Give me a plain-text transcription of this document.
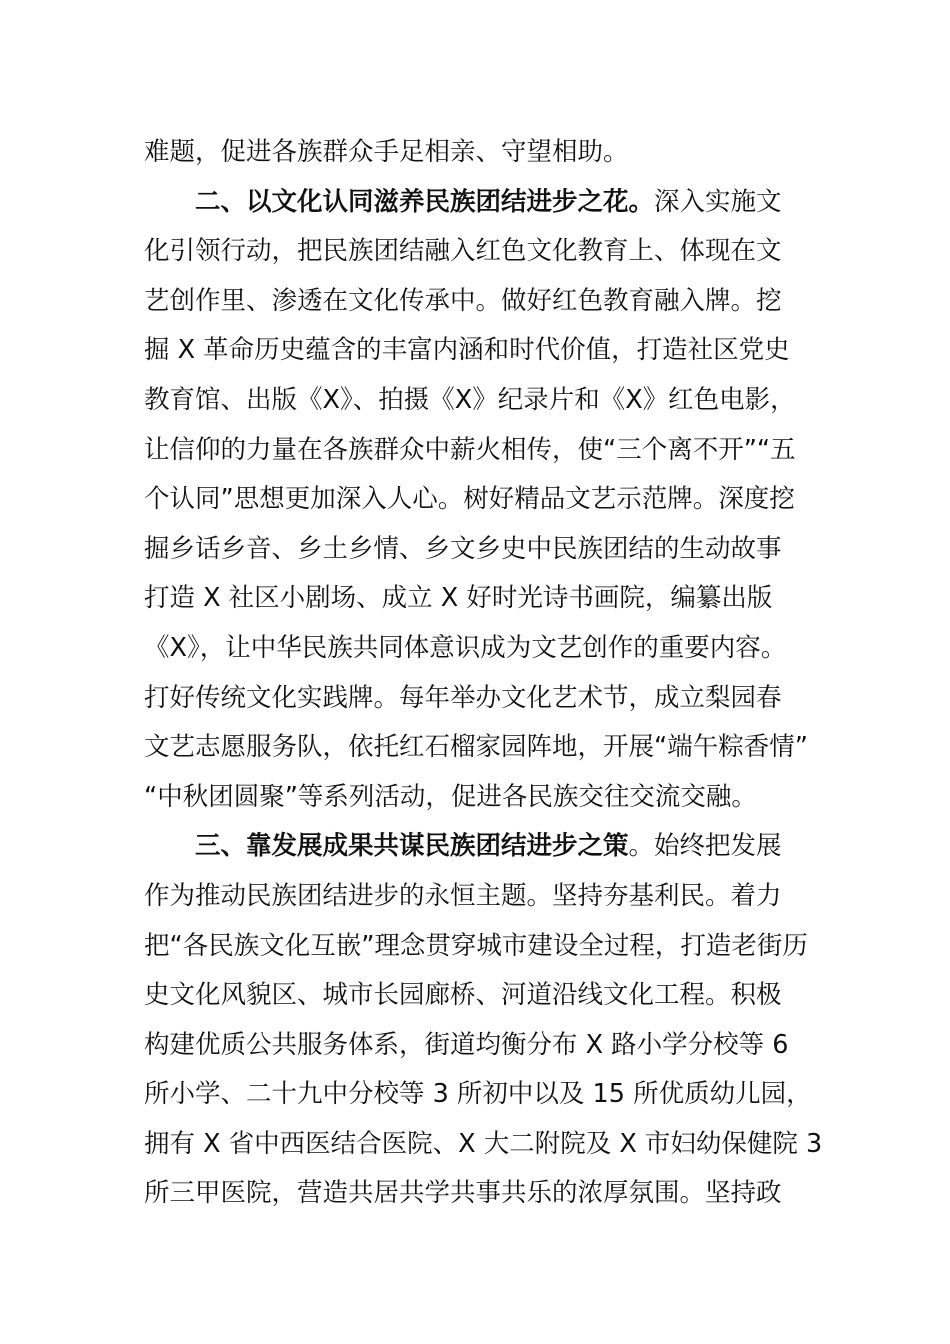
难题，促进各族群众手足相亲、守望相助。
二、以文化认同滋养民族团结进步之花。深入实施文
化引领行动，把民族团结融入红色文化教育上、体现在文
艺创作里、渗透在文化传承中。做好红色教育融入牌。挖
掘 X 革命历史蕴含的丰富内涵和时代价值，打造社区党史
教育馆、出版《X》、拍摄《X》纪录片和《X》红色电影，
让信仰的力量在各族群众中薪火相传，使“三个离不开”“五
个认同”思想更加深入人心。树好精品文艺示范牌。深度挖
掘乡话乡音、乡土乡情、乡文乡史中民族团结的生动故事
打造 X 社区小剧场、成立 X 好时光诗书画院，编纂出版
《X》，让中华民族共同体意识成为文艺创作的重要内容。
打好传统文化实践牌。每年举办文化艺术节，成立梨园春
文艺志愿服务队，依托红石榴家园阵地，开展“端午粽香情”
“中秋团圆聚”等系列活动，促进各民族交往交流交融。
三、靠发展成果共谋民族团结进步之策。始终把发展
作为推动民族团结进步的永恒主题。坚持夯基利民。着力
把“各民族文化互嵌”理念贯穿城市建设全过程，打造老街历
史文化风貌区、城市长园廊桥、河道沿线文化工程。积极
构建优质公共服务体系，街道均衡分布 X 路小学分校等 6
所小学、二十九中分校等 3 所初中以及 15 所优质幼儿园，
拥有 X 省中西医结合医院、X 大二附院及 X 市妇幼保健院 3
所三甲医院，营造共居共学共事共乐的浓厚氛围。坚持政
